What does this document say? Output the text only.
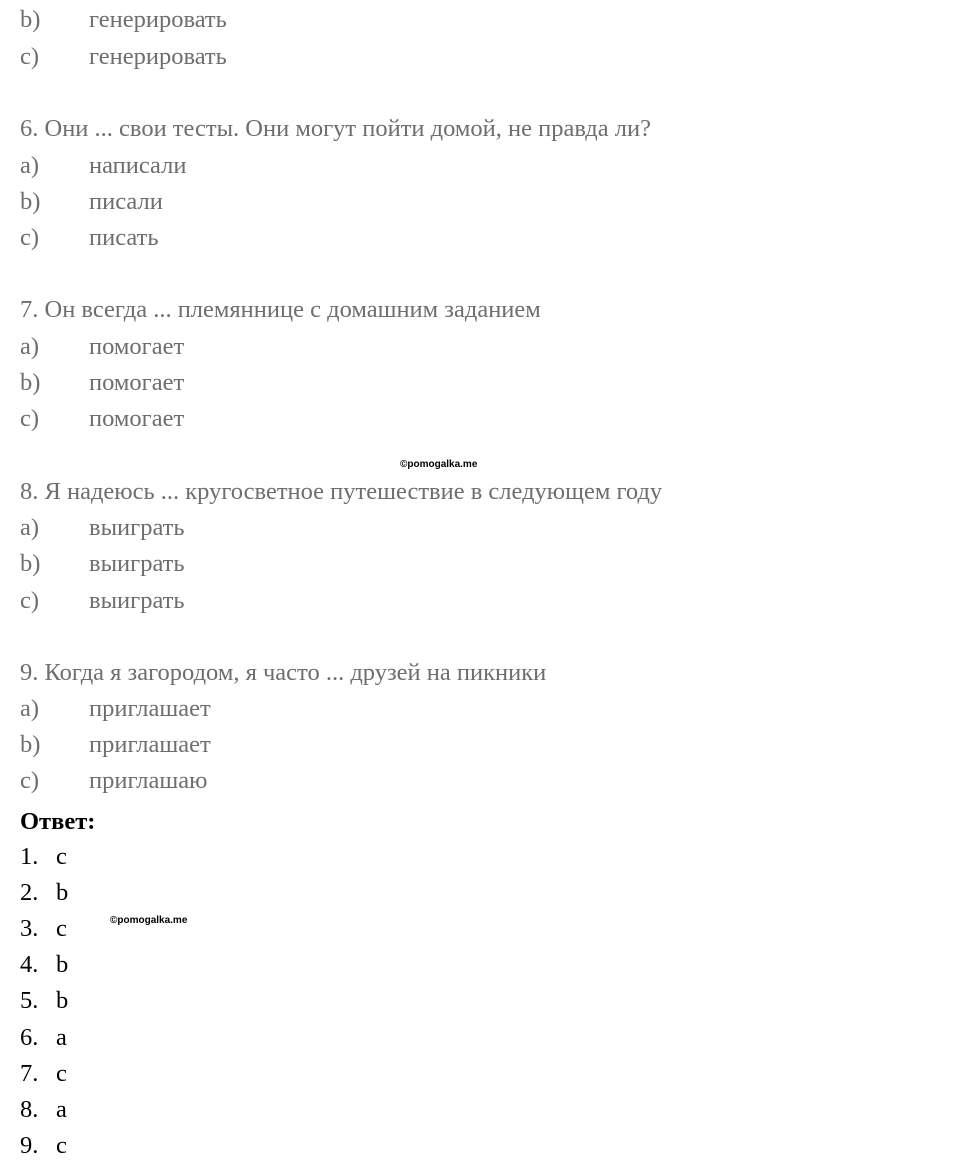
b) генерировать
c) генерировать
6. Они ... свои тесты. Они могут пойти домой, не правда ли?
a) написали
b) писали
c) писать
7. Он всегда ... племяннице с домашним заданием
a) помогает
b) помогает
c) помогает
©pomogalka.me
8. Я надеюсь ... кругосветное путешествие в следующем году
a) выиграть
b) выиграть
c) выиграть
9. Когда я загородом, я часто ... друзей на пикники
a) приглашает
b) приглашает
c) приглашаю
Ответ:
1. c
2. b
3. c	©pomogalka.me
4. b
5. b
6. a
7. c
8. a
9. c
